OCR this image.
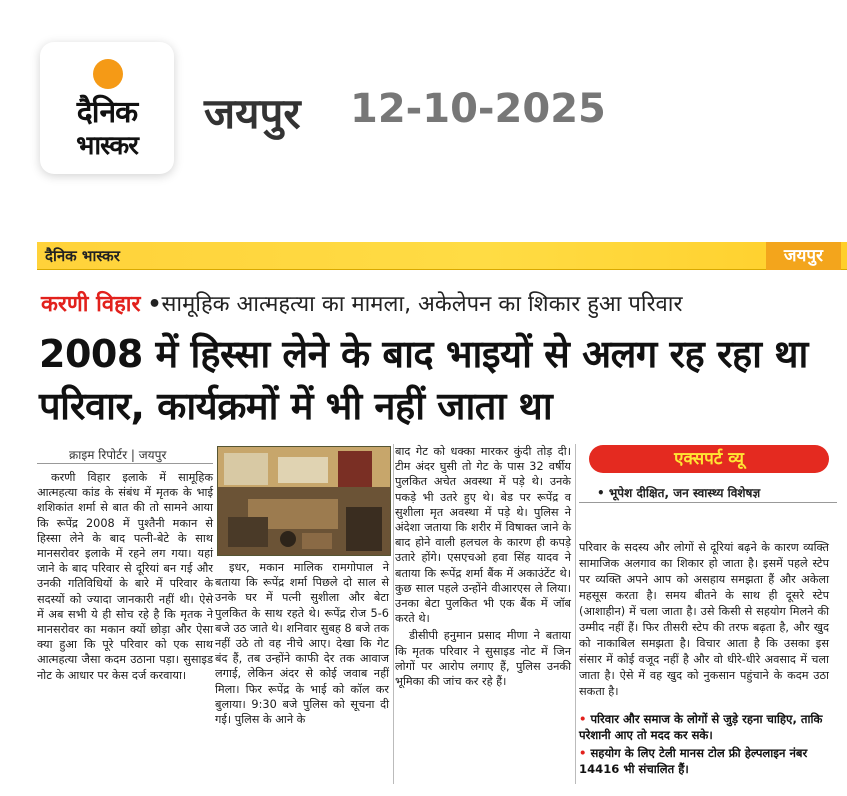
दैनिक
भास्कर
जयपुर 12-10-2025
दैनिक भास्कर	जयपुर
करणी विहार •सामूहिक आत्महत्या का मामला, अकेलेपन का शिकार हुआ परिवार
2008 में हिस्सा लेने के बाद भाइयों से अलग रह रहा था परिवार, कार्यक्रमों में भी नहीं जाता था
क्राइम रिपोर्टर | जयपुर

करणी विहार इलाके में सामूहिक आत्महत्या कांड के संबंध में मृतक के भाई शशिकांत शर्मा से बात की तो सामने आया कि रूपेंद्र 2008 में पुश्तैनी मकान से हिस्सा लेने के बाद पत्नी-बेटे के साथ मानसरोवर इलाके में रहने लग गया। यहां जाने के बाद परिवार से दूरियां बन गई और उनकी गतिविधियों के बारे में परिवार के सदस्यों को ज्यादा जानकारी नहीं थी। ऐसे में अब सभी ये ही सोच रहे है कि मृतक ने मानसरोवर का मकान क्यों छोड़ा और ऐसा क्या हुआ कि पूरे परिवार को एक साथ आत्महत्या जैसा कदम उठाना पड़ा। सुसाइड नोट के आधार पर केस दर्ज करवाया।

इधर, मकान मालिक रामगोपाल ने बताया कि रूपेंद्र शर्मा पिछले दो साल से उनके घर में पत्नी सुशीला और बेटा पुलकित के साथ रहते थे। रूपेंद्र रोज 5-6 बजे उठ जाते थे। शनिवार सुबह 8 बजे तक नहीं उठे तो वह नीचे आए। देखा कि गेट बंद हैं, तब उन्होंने काफी देर तक आवाज लगाई, लेकिन अंदर से कोई जवाब नहीं मिला। फिर रूपेंद्र के भाई को कॉल कर बुलाया। 9:30 बजे पुलिस को सूचना दी गई। पुलिस के आने के

बाद गेट को धक्का मारकर कुंदी तोड़ दी। टीम अंदर घुसी तो गेट के पास 32 वर्षीय पुलकित अचेत अवस्था में पड़े थे। उनके पकड़े भी उतरे हुए थे। बेड पर रूपेंद्र व सुशीला मृत अवस्था में पड़े थे। पुलिस ने अंदेशा जताया कि शरीर में विषाक्त जाने के बाद होने वाली हलचल के कारण ही कपड़े उतारे होंगे। एसएचओ हवा सिंह यादव ने बताया कि रूपेंद्र शर्मा बैंक में अकाउंटेंट थे। कुछ साल पहले उन्होंने वीआरएस ले लिया। उनका बेटा पुलकित भी एक बैंक में जॉब करते थे।

डीसीपी हनुमान प्रसाद मीणा ने बताया कि मृतक परिवार ने सुसाइड नोट में जिन लोगों पर आरोप लगाए हैं, पुलिस उनकी भूमिका की जांच कर रहे हैं।

एक्सपर्ट व्यू
• भूपेश दीक्षित, जन स्वास्थ्य विशेषज्ञ

परिवार के सदस्य और लोगों से दूरियां बढ़ने के कारण व्यक्ति सामाजिक अलगाव का शिकार हो जाता है। इसमें पहले स्टेप पर व्यक्ति अपने आप को असहाय समझता हैं और अकेला महसूस करता है। समय बीतने के साथ ही दूसरे स्टेप (आशाहीन) में चला जाता है। उसे किसी से सहयोग मिलने की उम्मीद नहीं हैं। फिर तीसरी स्टेप की तरफ बढ़ता है, और खुद को नाकाबिल समझता है। विचार आता है कि उसका इस संसार में कोई वजूद नहीं है और वो धीरे-धीरे अवसाद में चला जाता है। ऐसे में वह खुद को नुकसान पहुंचाने के कदम उठा सकता है।

• परिवार और समाज के लोगों से जुड़े रहना चाहिए, ताकि परेशानी आए तो मदद कर सके।
• सहयोग के लिए टेली मानस टोल फ्री हेल्पलाइन नंबर 14416 भी संचालित हैं।
